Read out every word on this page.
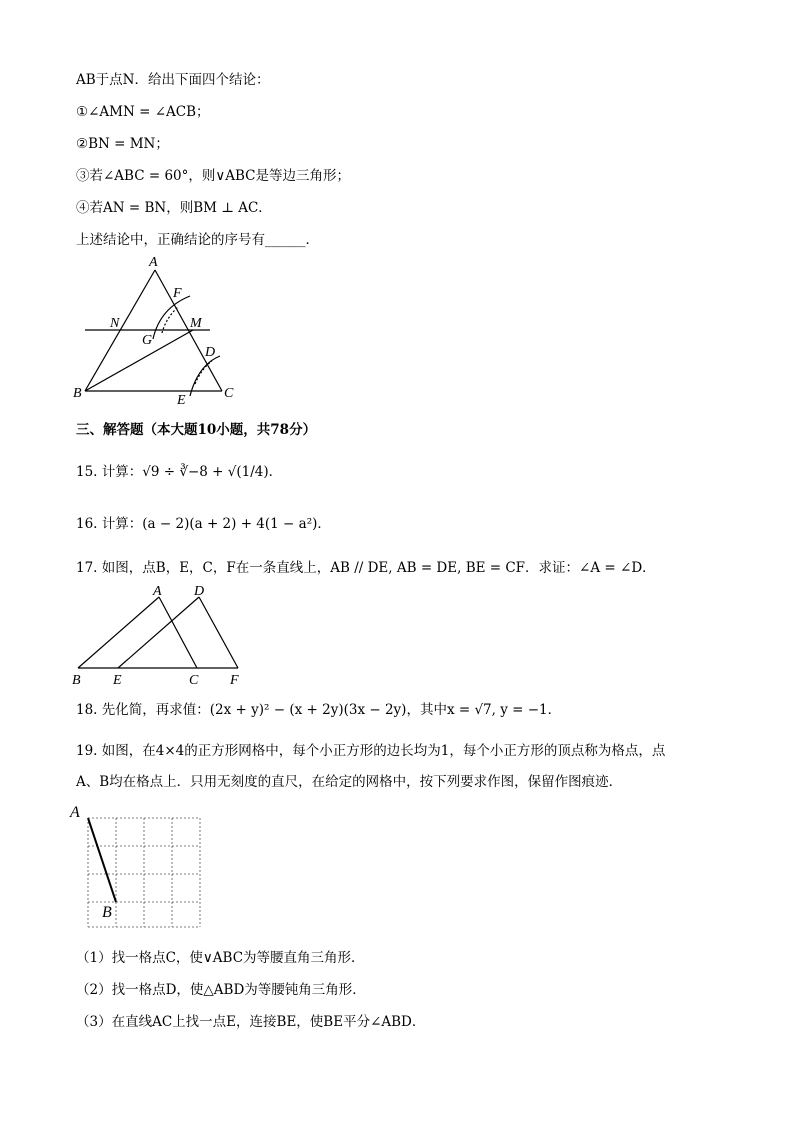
AB于点N．给出下面四个结论：
①∠AMN = ∠ACB；
②BN = MN；
③若∠ABC = 60°，则∨ABC是等边三角形；
④若AN = BN，则BM ⊥ AC．
上述结论中，正确结论的序号有______．
A
F
N	M
G
D
B	E	C
三、解答题（本大题10小题，共78分）
15. 计算：√9 ÷ ∛−8 + √(1/4)．
16. 计算：(a − 2)(a + 2) + 4(1 − a²)．
17. 如图，点B，E，C，F在一条直线上，AB // DE, AB = DE, BE = CF．求证：∠A = ∠D．
A D
B E	C F
18. 先化简，再求值：(2x + y)² − (x + 2y)(3x − 2y)，其中x = √7, y = −1．
19. 如图，在4×4的正方形网格中，每个小正方形的边长均为1，每个小正方形的顶点称为格点，点
A、B均在格点上．只用无刻度的直尺，在给定的网格中，按下列要求作图，保留作图痕迹．
A
B
（1）找一格点C，使∨ABC为等腰直角三角形．
（2）找一格点D，使△ABD为等腰钝角三角形．
（3）在直线AC上找一点E，连接BE，使BE平分∠ABD．
